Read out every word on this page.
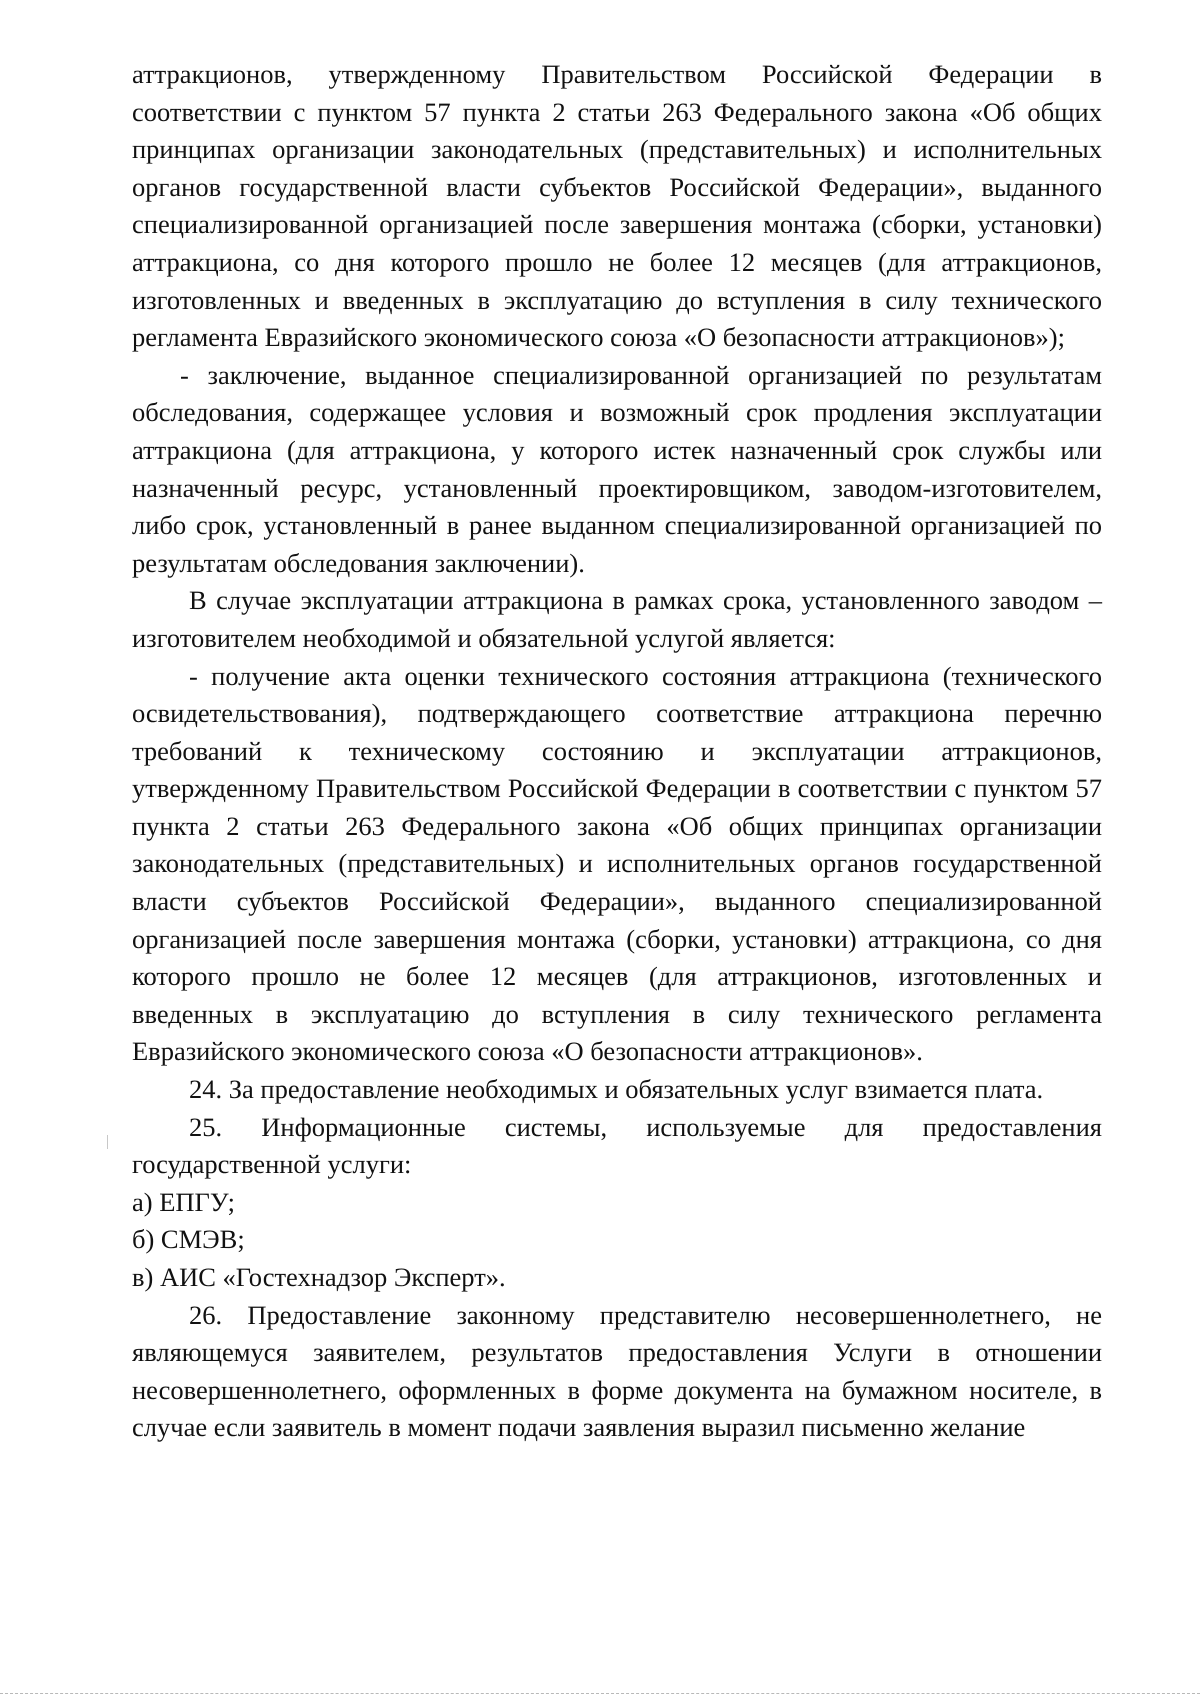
аттракционов, утвержденному Правительством Российской Федерации в соответствии с пунктом 57 пункта 2 статьи 263 Федерального закона «Об общих принципах организации законодательных (представительных) и исполнительных органов государственной власти субъектов Российской Федерации», выданного специализированной организацией после завершения монтажа (сборки, установки) аттракциона, со дня которого прошло не более 12 месяцев (для аттракционов, изготовленных и введенных в эксплуатацию до вступления в силу технического регламента Евразийского экономического союза «О безопасности аттракционов»);

- заключение, выданное специализированной организацией по результатам обследования, содержащее условия и возможный срок продления эксплуатации аттракциона (для аттракциона, у которого истек назначенный срок службы или назначенный ресурс, установленный проектировщиком, заводом-изготовителем, либо срок, установленный в ранее выданном специализированной организацией по результатам обследования заключении).

В случае эксплуатации аттракциона в рамках срока, установленного заводом – изготовителем необходимой и обязательной услугой является:

- получение акта оценки технического состояния аттракциона (технического освидетельствования), подтверждающего соответствие аттракциона перечню требований к техническому состоянию и эксплуатации аттракционов, утвержденному Правительством Российской Федерации в соответствии с пунктом 57 пункта 2 статьи 263 Федерального закона «Об общих принципах организации законодательных (представительных) и исполнительных органов государственной власти субъектов Российской Федерации», выданного специализированной организацией после завершения монтажа (сборки, установки) аттракциона, со дня которого прошло не более 12 месяцев (для аттракционов, изготовленных и введенных в эксплуатацию до вступления в силу технического регламента Евразийского экономического союза «О безопасности аттракционов».

24. За предоставление необходимых и обязательных услуг взимается плата.

25. Информационные системы, используемые для предоставления государственной услуги:

а) ЕПГУ;

б) СМЭВ;

в) АИС «Гостехнадзор Эксперт».

26. Предоставление законному представителю несовершеннолетнего, не являющемуся заявителем, результатов предоставления Услуги в отношении несовершеннолетнего, оформленных в форме документа на бумажном носителе, в случае если заявитель в момент подачи заявления выразил письменно желание
